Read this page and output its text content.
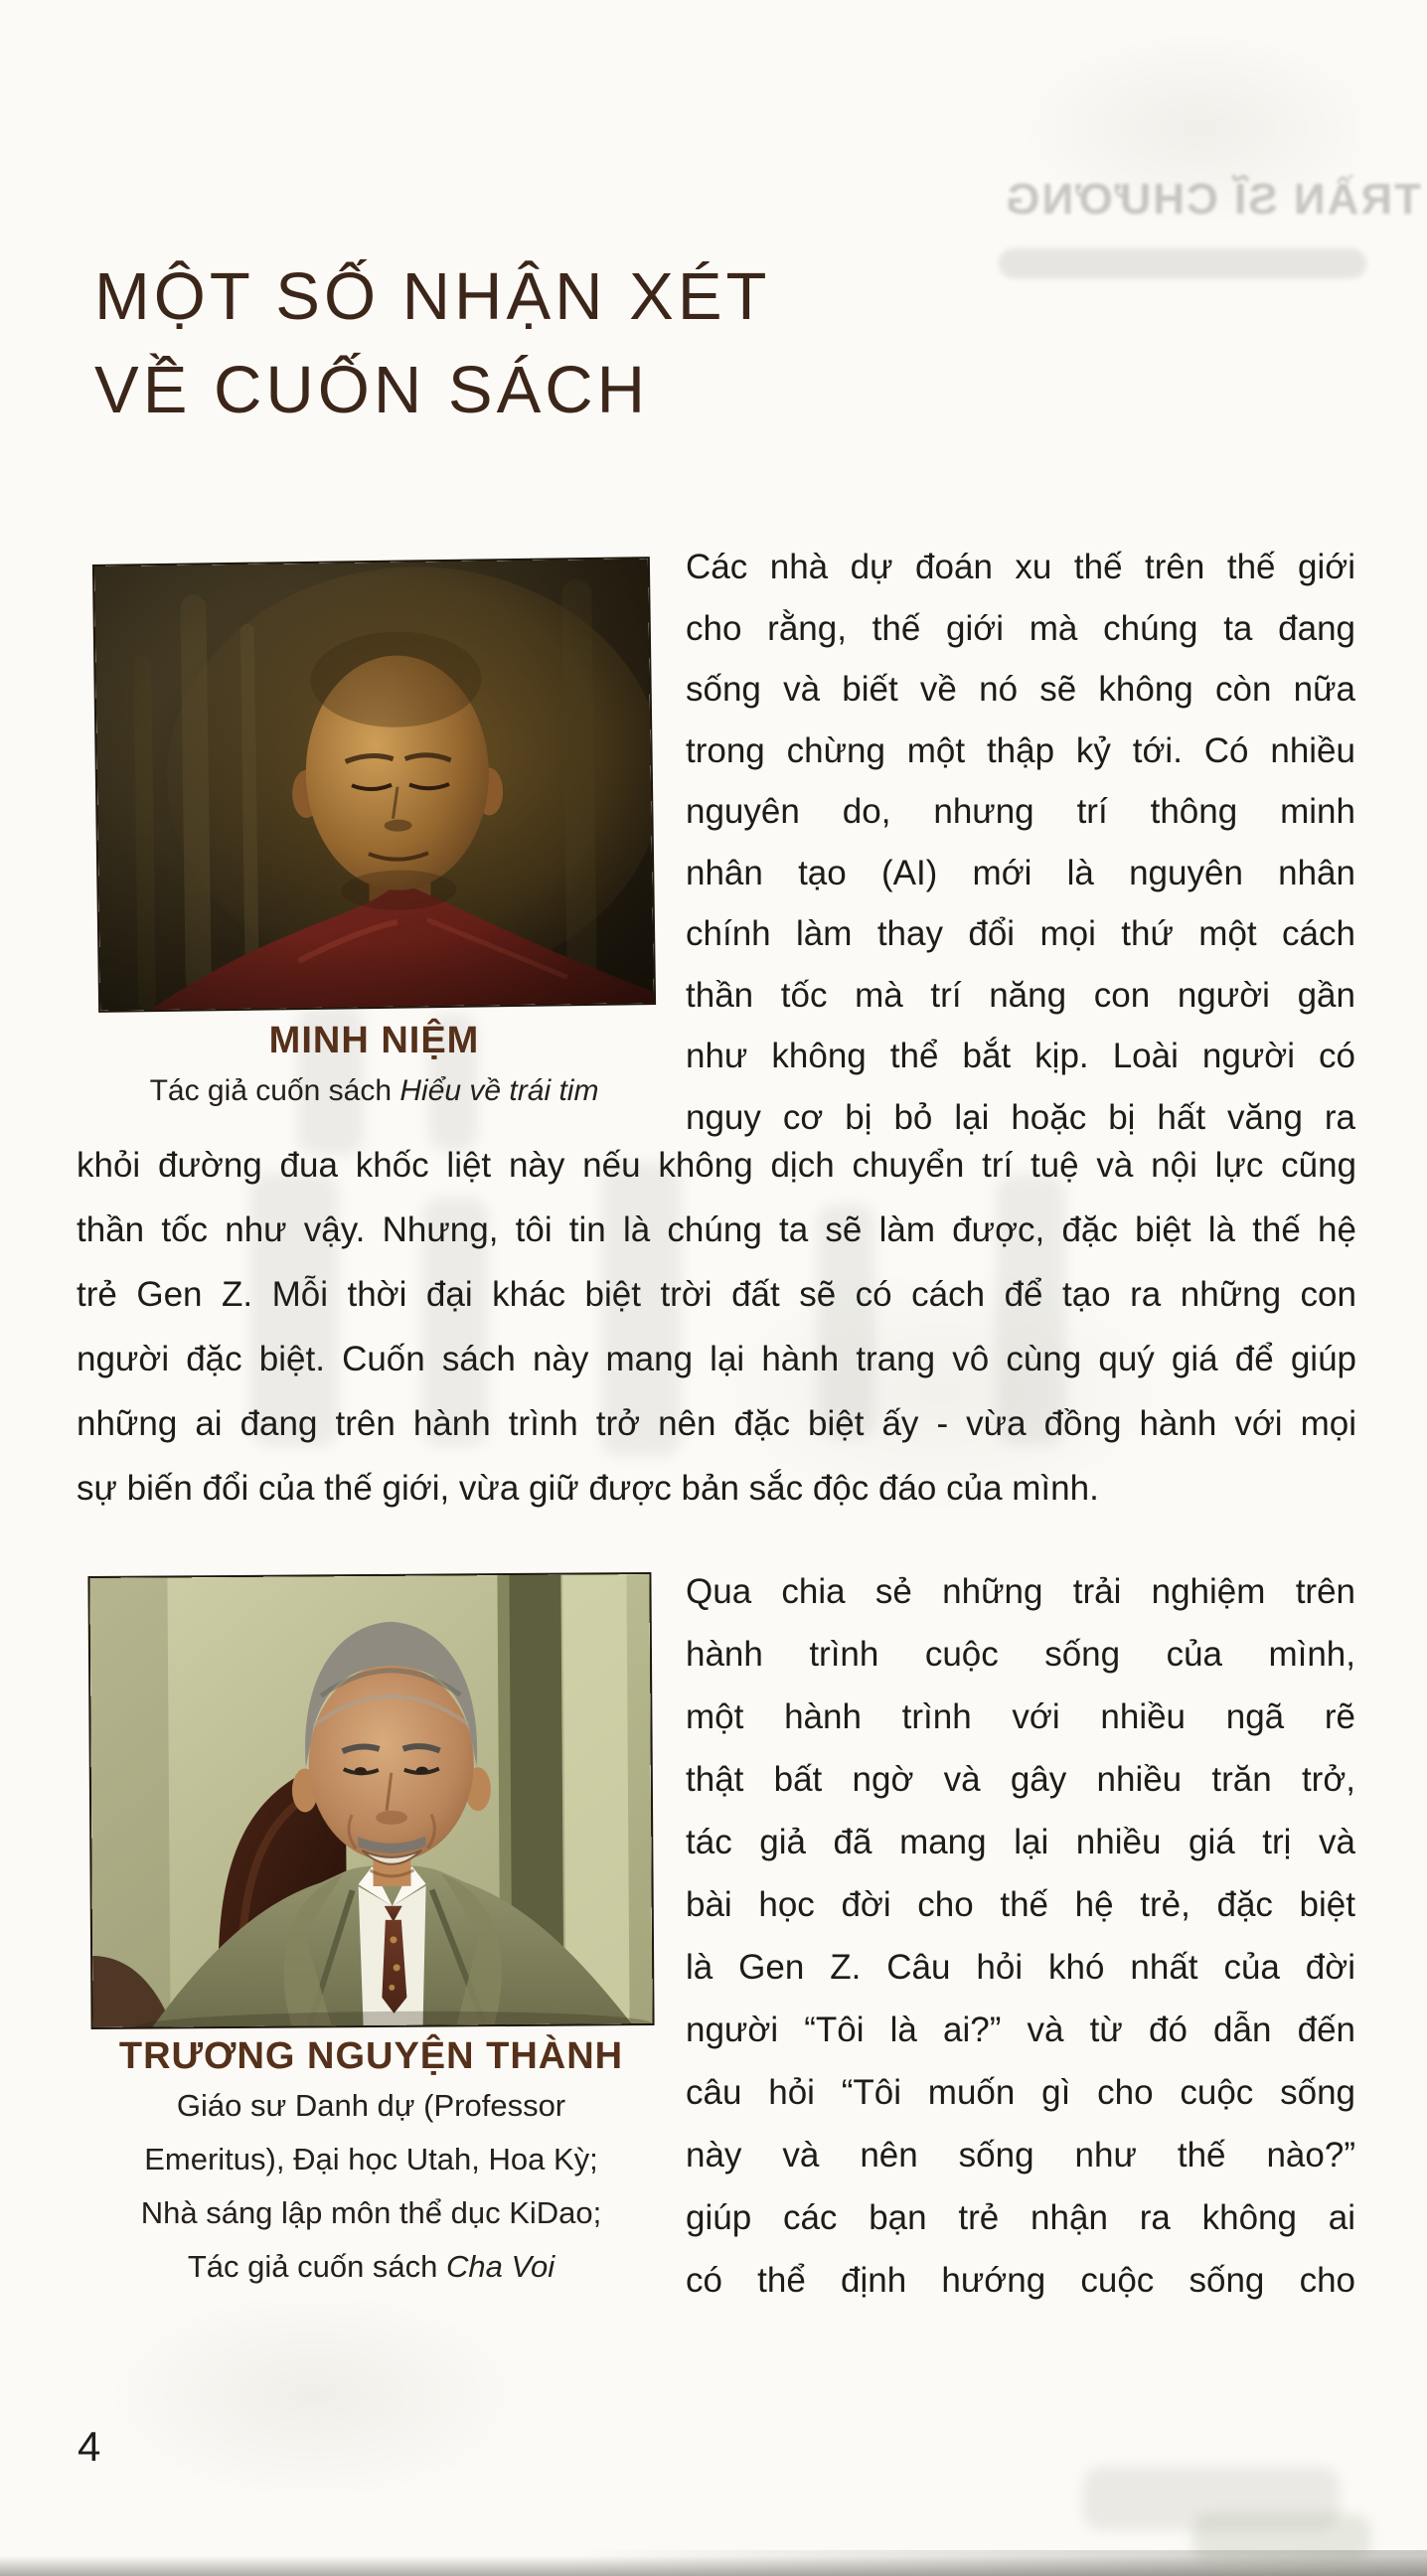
TRẦN SĨ CHƯƠNG
MỘT SỐ NHẬN XÉT
VỀ CUỐN SÁCH
MINH NIỆM
Tác giả cuốn sách Hiểu về trái tim
Các nhà dự đoán xu thế trên thế giới
cho rằng, thế giới mà chúng ta đang
sống và biết về nó sẽ không còn nữa
trong chừng một thập kỷ tới. Có nhiều
nguyên do, nhưng trí thông minh
nhân tạo (AI) mới là nguyên nhân
chính làm thay đổi mọi thứ một cách
thần tốc mà trí năng con người gần
như không thể bắt kịp. Loài người có
nguy cơ bị bỏ lại hoặc bị hất văng ra
khỏi đường đua khốc liệt này nếu không dịch chuyển trí tuệ và nội lực cũng
thần tốc như vậy. Nhưng, tôi tin là chúng ta sẽ làm được, đặc biệt là thế hệ
trẻ Gen Z. Mỗi thời đại khác biệt trời đất sẽ có cách để tạo ra những con
người đặc biệt. Cuốn sách này mang lại hành trang vô cùng quý giá để giúp
những ai đang trên hành trình trở nên đặc biệt ấy - vừa đồng hành với mọi
sự biến đổi của thế giới, vừa giữ được bản sắc độc đáo của mình.
TRƯƠNG NGUYỆN THÀNH
Giáo sư Danh dự (Professor
Emeritus), Đại học Utah, Hoa Kỳ;
Nhà sáng lập môn thể dục KiDao;
Tác giả cuốn sách Cha Voi
Qua chia sẻ những trải nghiệm trên
hành trình cuộc sống của mình,
một hành trình với nhiều ngã rẽ
thật bất ngờ và gây nhiều trăn trở,
tác giả đã mang lại nhiều giá trị và
bài học đời cho thế hệ trẻ, đặc biệt
là Gen Z. Câu hỏi khó nhất của đời
người “Tôi là ai?” và từ đó dẫn đến
câu hỏi “Tôi muốn gì cho cuộc sống
này và nên sống như thế nào?”
giúp các bạn trẻ nhận ra không ai
có thể định hướng cuộc sống cho
4
